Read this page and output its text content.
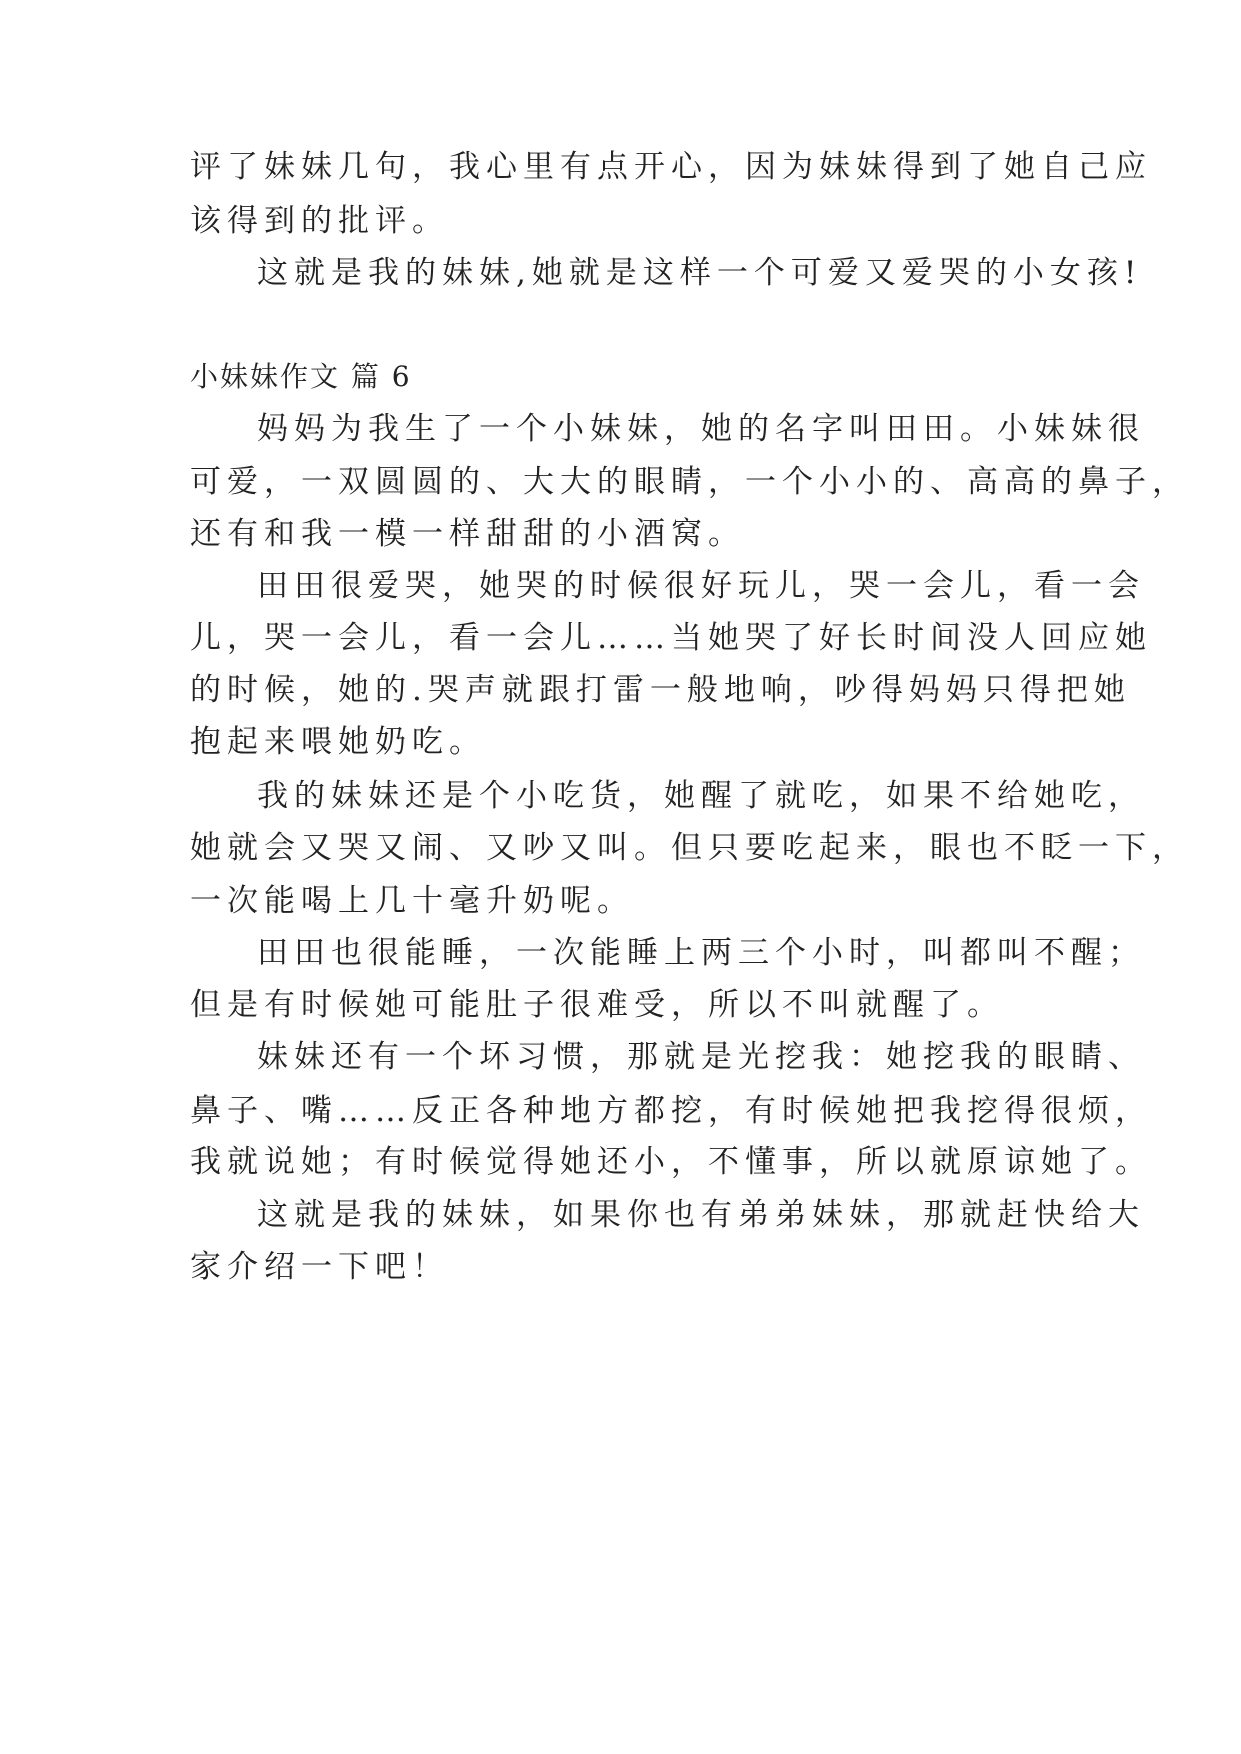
评了妹妹几句，我心里有点开心，因为妹妹得到了她自己应
该得到的批评。
这就是我的妹妹,她就是这样一个可爱又爱哭的小女孩!
小妹妹作文 篇 6
妈妈为我生了一个小妹妹，她的名字叫田田。小妹妹很
可爱，一双圆圆的、大大的眼睛，一个小小的、高高的鼻子，
还有和我一模一样甜甜的小酒窝。
田田很爱哭，她哭的时候很好玩儿，哭一会儿，看一会
儿，哭一会儿，看一会儿……当她哭了好长时间没人回应她
的时候，她的.哭声就跟打雷一般地响，吵得妈妈只得把她
抱起来喂她奶吃。
我的妹妹还是个小吃货，她醒了就吃，如果不给她吃，
她就会又哭又闹、又吵又叫。但只要吃起来，眼也不眨一下，
一次能喝上几十毫升奶呢。
田田也很能睡，一次能睡上两三个小时，叫都叫不醒；
但是有时候她可能肚子很难受，所以不叫就醒了。
妹妹还有一个坏习惯，那就是光挖我：她挖我的眼睛、
鼻子、嘴……反正各种地方都挖，有时候她把我挖得很烦，
我就说她；有时候觉得她还小，不懂事，所以就原谅她了。
这就是我的妹妹，如果你也有弟弟妹妹，那就赶快给大
家介绍一下吧！
